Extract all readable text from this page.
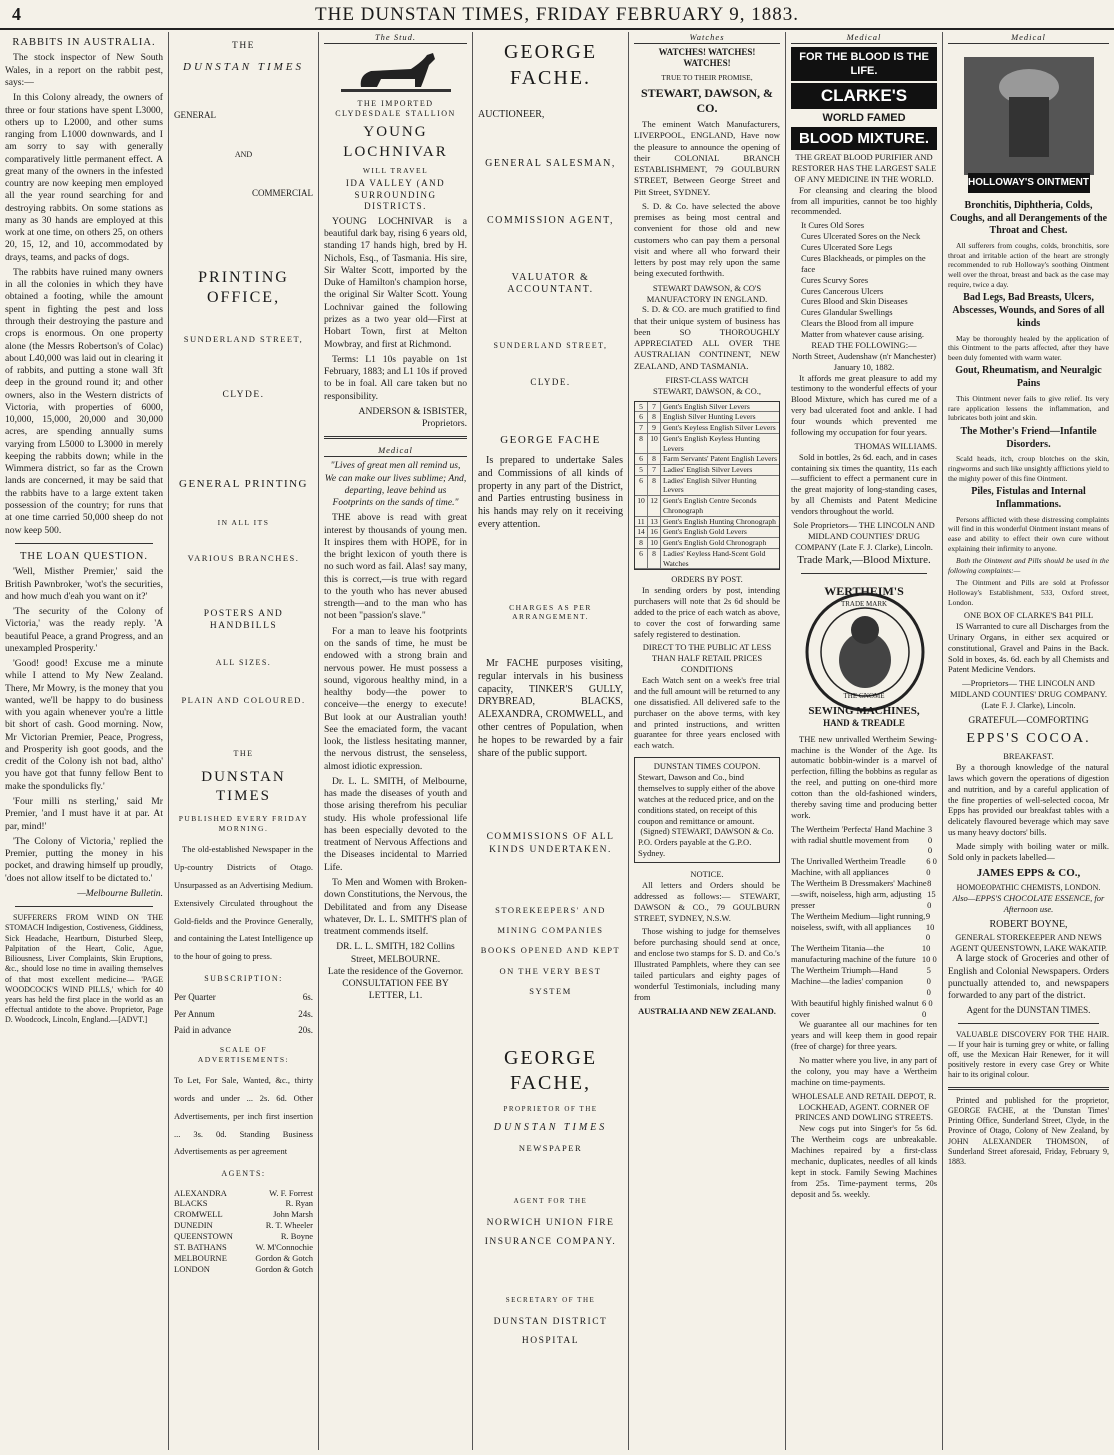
4	THE DUNSTAN TIMES, FRIDAY FEBRUARY 9, 1883.
RABBITS IN AUSTRALIA.

The stock inspector of New South Wales, in a report on the rabbit pest, says:—

In this Colony already, the owners of three or four stations have spent L3000, others up to L2000, and other sums ranging from L1000 downwards, and I am sorry to say with generally comparatively little permanent effect. A great many of the owners in the infested country are now keeping men employed all the year round searching for and destroying rabbits. On some stations as many as 30 hands are employed at this work at one time, on others 25, on others 20, 15, 12, and 10, accommodated by drays, teams, and packs of dogs.

The rabbits have ruined many owners in all the colonies in which they have obtained a footing, while the amount spent in fighting the pest and loss through their destroying the pasture and crops is enormous. On one property alone (the Messrs Robertson's of Colac) about L40,000 was laid out in clearing it of rabbits, and putting a stone wall 3ft deep in the ground round it; and other owners, also in the Western districts of Victoria, with properties of 6000, 10,000, 15,000, 20,000 and 30,000 acres, are spending annually sums varying from L5000 to L3000 in merely keeping the rabbits down; while in the Wimmera district, so far as the Crown lands are concerned, it may be said that the rabbits have to a large extent taken possession of the country; for runs that at one time carried 50,000 sheep do not now keep 500.

THE LOAN QUESTION.

'Well, Misther Premier,' said the British Pawnbroker, 'wot's the securities, and how much d'eah you want on it?'

'The security of the Colony of Victoria,' was the ready reply. 'A beautiful Peace, a grand Progress, and an unexampled Prosperity.'

'Good! good! Excuse me a minute while I attend to My New Zealand. There, Mr Mowry, is the money that you wanted, we'll be happy to do business with you again whenever you're a little bit short of cash. Good morning. Now, Mr Victorian Premier, Peace, Progress, and Prosperity ish goot goods, and the credit of the Colony ish not bad, altho' you have got that funny fellow Bent to make the spondulicks fly.'

'Four milli ns sterling,' said Mr Premier, 'and I must have it at par. At par, mind!'

'The Colony of Victoria,' replied the Premier, putting the money in his pocket, and drawing himself up proudly, 'does not allow itself to be dictated to.'

—Melbourne Bulletin.

SUFFERERS FROM WIND ON THE STOMACH Indigestion, Costiveness, Giddiness, Sick Headache, Heartburn, Disturbed Sleep, Palpitation of the Heart, Colic, Ague, Biliousness, Liver Complaints, Skin Eruptions, &c., should lose no time in availing themselves of that most excellent medicine— 'PAGE WOODCOCK'S WIND PILLS,' which for 40 years has held the first place in the world as an effectual antidote to the above. Proprietor, Page D. Woodcock, Lincoln, England.—[ADVT.]

THE
DUNSTAN TIMES
GENERAL
AND
COMMERCIAL
PRINTING OFFICE,
SUNDERLAND STREET,
CLYDE.
GENERAL PRINTING
IN ALL ITS
VARIOUS BRANCHES.
POSTERS AND HANDBILLS
ALL SIZES.
PLAIN AND COLOURED.
THE
DUNSTAN TIMES
PUBLISHED EVERY FRIDAY MORNING.

The old-established Newspaper in the Up-country Districts of Otago. Unsurpassed as an Advertising Medium. Extensively Circulated throughout the Gold-fields and the Province Generally, and containing the Latest Intelligence up to the hour of going to press.

SUBSCRIPTION:
Per Quarter	6s.
Per Annum	24s.
Paid in advance	20s.
SCALE OF ADVERTISEMENTS:

To Let, For Sale, Wanted, &c., thirty words and under ... 2s. 6d. Other Advertisements, per inch first insertion ... 3s. 0d. Standing Business Advertisements as per agreement

AGENTS:
ALEXANDRA	W. F. Forrest
BLACKS	R. Ryan
CROMWELL	John Marsh
DUNEDIN	R. T. Wheeler
QUEENSTOWN	R. Boyne
ST. BATHANS	W. M'Connochie
MELBOURNE	Gordon & Gotch
LONDON	Gordon & Gotch
The Stud.
THE IMPORTED CLYDESDALE STALLION
YOUNG LOCHNIVAR
WILL TRAVEL
IDA VALLEY (AND SURROUNDING DISTRICTS.

YOUNG LOCHNIVAR is a beautiful dark bay, rising 6 years old, standing 17 hands high, bred by H. Nichols, Esq., of Tasmania. His sire, Sir Walter Scott, imported by the Duke of Hamilton's champion horse, the original Sir Walter Scott. Young Lochnivar gained the following prizes as a two year old—First at Hobart Town, first at Melton Mowbray, and first at Richmond.

Terms: L1 10s payable on 1st February, 1883; and L1 10s if proved to be in foal. All care taken but no responsibility.

ANDERSON & ISBISTER, Proprietors.
Medical

"Lives of great men all remind us, We can make our lives sublime; And, departing, leave behind us Footprints on the sands of time."

THE above is read with great interest by thousands of young men. It inspires them with HOPE, for in the bright lexicon of youth there is no such word as fail. Alas! say many, this is correct,—is true with regard to the youth who has never abused strength—and to the man who has not been "passion's slave."

For a man to leave his footprints on the sands of time, he must be endowed with a strong brain and nervous power. He must possess a sound, vigorous healthy mind, in a healthy body—the power to conceive—the energy to execute! But look at our Australian youth! See the emaciated form, the vacant look, the listless hesitating manner, the nervous distrust, the senseless, almost idiotic expression.

Dr. L. L. SMITH, of Melbourne, has made the diseases of youth and those arising therefrom his peculiar study. His whole professional life has been especially devoted to the treatment of Nervous Affections and the Diseases incidental to Married Life.

To Men and Women with Broken-down Constitutions, the Nervous, the Debilitated and from any Disease whatever, Dr. L. L. SMITH'S plan of treatment commends itself.

DR. L. L. SMITH, 182 Collins Street, MELBOURNE.
Late the residence of the Governor.
CONSULTATION FEE BY LETTER, L1.
GEORGE FACHE.
AUCTIONEER,
GENERAL SALESMAN,
COMMISSION AGENT,
VALUATOR & ACCOUNTANT.
SUNDERLAND STREET,
CLYDE.
GEORGE FACHE

Is prepared to undertake Sales and Commissions of all kinds of property in any part of the District, and Parties entrusting business in his hands may rely on it receiving every attention.

CHARGES AS PER ARRANGEMENT.

Mr FACHE purposes visiting, regular intervals in his business capacity, TINKER'S GULLY, DRYBREAD, BLACKS, ALEXANDRA, CROMWELL, and other centres of Population, when he hopes to be rewarded by a fair share of the public support.

COMMISSIONS OF ALL KINDS UNDERTAKEN.
STOREKEEPERS' AND MINING COMPANIES BOOKS OPENED AND KEPT ON THE VERY BEST SYSTEM
GEORGE FACHE,
PROPRIETOR OF THE
DUNSTAN TIMES
NEWSPAPER
AGENT FOR THE
NORWICH UNION FIRE INSURANCE COMPANY.
SECRETARY OF THE
DUNSTAN DISTRICT HOSPITAL
Watches
WATCHES! WATCHES! WATCHES!
TRUE TO THEIR PROMISE,
STEWART, DAWSON, & CO.

The eminent Watch Manufacturers, LIVERPOOL, ENGLAND, Have now the pleasure to announce the opening of their COLONIAL BRANCH ESTABLISHMENT, 79 GOULBURN STREET, Between George Street and Pitt Street, SYDNEY.

S. D. & Co. have selected the above premises as being most central and convenient for those old and new customers who can pay them a personal visit and where all who forward their letters by post may rely upon the same being executed forthwith.

STEWART DAWSON, & CO'S MANUFACTORY IN ENGLAND.

S. D. & CO. are much gratified to find that their unique system of business has been SO THOROUGHLY APPRECIATED ALL OVER THE AUSTRALIAN CONTINENT, NEW ZEALAND, AND TASMANIA.

FIRST-CLASS WATCH
STEWART, DAWSON, & CO.,
5	7 Gent's English Silver Levers
6	8 English Silver Hunting Levers
7	9 Gent's Keyless English Silver Levers
8 10 Gent's English Keyless Hunting Levers
6	8 Farm Servants' Patent English Levers
5	7 Ladies' English Silver Levers
6	8 Ladies' English Silver Hunting Levers
10 12 Gent's English Centre Seconds Chronograph
11 13 Gent's English Hunting Chronograph
14 16 Gent's English Gold Levers
8 10 Gent's English Gold Chronograph
6	8 Ladies' Keyless Hand-Scent Gold Watches
ORDERS BY POST.

In sending orders by post, intending purchasers will note that 2s 6d should be added to the price of each watch as above, to cover the cost of forwarding same safely registered to destination.

DIRECT TO THE PUBLIC AT LESS THAN HALF RETAIL PRICES
CONDITIONS

Each Watch sent on a week's free trial and the full amount will be returned to any one dissatisfied. All delivered safe to the purchaser on the above terms, with key and printed instructions, and written guarantee for three years enclosed with each watch.

DUNSTAN TIMES COUPON.
Stewart, Dawson and Co., bind themselves to supply either of the above watches at the reduced price, and on the conditions stated, on receipt of this coupon and remittance or amount.
(Signed) STEWART, DAWSON & Co.
P.O. Orders payable at the G.P.O. Sydney.
NOTICE.

All letters and Orders should be addressed as follows:— STEWART, DAWSON & CO., 79 GOULBURN STREET, SYDNEY, N.S.W.

Those wishing to judge for themselves before purchasing should send at once, and enclose two stamps for S. D. and Co.'s Illustrated Pamphlets, where they can see tailed particulars and eighty pages of wonderful Testimonials, including many from

AUSTRALIA AND NEW ZEALAND.
Medical
FOR THE BLOOD IS THE LIFE.
CLARKE'S
WORLD FAMED
BLOOD MIXTURE.
THE GREAT BLOOD PURIFIER AND RESTORER HAS THE LARGEST SALE OF ANY MEDICINE IN THE WORLD.

For cleansing and clearing the blood from all impurities, cannot be too highly recommended.

It Cures Old Sores
Cures Ulcerated Sores on the Neck
Cures Ulcerated Sore Legs
Cures Blackheads, or pimples on the face
Cures Scurvy Sores
Cures Cancerous Ulcers
Cures Blood and Skin Diseases
Cures Glandular Swellings
Clears the Blood from all impure Matter from whatever cause arising.
READ THE FOLLOWING:—
North Street, Audenshaw (n'r Manchester) January 10, 1882.

It affords me great pleasure to add my testimony to the wonderful effects of your Blood Mixture, which has cured me of a very bad ulcerated foot and ankle. I had four wounds which prevented me following my occupation for four years.

THOMAS WILLIAMS.

Sold in bottles, 2s 6d. each, and in cases containing six times the quantity, 11s each—sufficient to effect a permanent cure in the great majority of long-standing cases, by all Chemists and Patent Medicine vendors throughout the world.

Sole Proprietors— THE LINCOLN AND MIDLAND COUNTIES' DRUG COMPANY (Late F. J. Clarke), Lincoln.
Trade Mark,—Blood Mixture.
WERTHEIM'S
TRADE MARK
THE GNOME
SEWING MACHINES,
HAND & TREADLE

THE new unrivalled Wertheim Sewing-machine is the Wonder of the Age. Its automatic bobbin-winder is a marvel of perfection, filling the bobbins as regular as the reel, and putting on one-third more cotton than the old-fashioned winders, thereby saving time and producing better work.

The Wertheim 'Perfecta' Hand Machine with radial shuttle movement from
3 0 0
The Unrivalled Wertheim Treadle Machine, with all appliances
6 0 0
The Wertheim B Dressmakers' Machine—swift, noiseless, high arm, adjusting presser
8 15 0
The Wertheim Medium—light running, noiseless, swift, with all appliances
9 10 0
The Wertheim Titania—the manufacturing machine of the future
10 10 0
The Wertheim Triumph—Hand Machine—the ladies' companion
5 0 0
With beautiful highly finished walnut cover
6 0 0

We guarantee all our machines for ten years and will keep them in good repair (free of charge) for three years.

No matter where you live, in any part of the colony, you may have a Wertheim machine on time-payments.

WHOLESALE AND RETAIL DEPOT, R. LOCKHEAD, AGENT. CORNER OF PRINCES AND DOWLING STREETS.

New cogs put into Singer's for 5s 6d. The Wertheim cogs are unbreakable. Machines repaired by a first-class mechanic, duplicates, needles of all kinds kept in stock. Family Sewing Machines from 25s. Time-payment terms, 20s deposit and 5s. weekly.

Medical
HOLLOWAY'S OINTMENT
Bronchitis, Diphtheria, Colds, Coughs, and all Derangements of the Throat and Chest.

All sufferers from coughs, colds, bronchitis, sore throat and irritable action of the heart are strongly recommended to rub Holloway's soothing Ointment well over the throat, breast and back as the case may require, twice a day.

Bad Legs, Bad Breasts, Ulcers, Abscesses, Wounds, and Sores of all kinds

May be thoroughly healed by the application of this Ointment to the parts affected, after they have been duly fomented with warm water.

Gout, Rheumatism, and Neuralgic Pains

This Ointment never fails to give relief. Its very rare application lessens the inflammation, and lubricates both joint and skin.

The Mother's Friend—Infantile Disorders.

Scald heads, itch, croup blotches on the skin, ringworms and such like unsightly afflictions yield to the mighty power of this fine Ointment.

Piles, Fistulas and Internal Inflammations.

Persons afflicted with these distressing complaints will find in this wonderful Ointment instant means of ease and ability to effect their own cure without explaining their infirmity to anyone.

Both the Ointment and Pills should be used in the following complaints:—

The Ointment and Pills are sold at Professor Holloway's Establishment, 533, Oxford street, London.

ONE BOX OF CLARKE'S B41 PILL

IS Warranted to cure all Discharges from the Urinary Organs, in either sex acquired or constitutional, Gravel and Pains in the Back. Sold in boxes, 4s. 6d. each by all Chemists and Patent Medicine Vendors.

—Proprietors— THE LINCOLN AND MIDLAND COUNTIES' DRUG COMPANY. (Late F. J. Clarke), Lincoln.
GRATEFUL—COMFORTING
EPPS'S COCOA.
BREAKFAST.

By a thorough knowledge of the natural laws which govern the operations of digestion and nutrition, and by a careful application of the fine properties of well-selected cocoa, Mr Epps has provided our breakfast tables with a delicately flavoured beverage which may save us many heavy doctors' bills.

Made simply with boiling water or milk. Sold only in packets labelled—

JAMES EPPS & CO.,
HOMOEOPATHIC CHEMISTS, LONDON.
Also—EPPS'S CHOCOLATE ESSENCE, for Afternoon use.
ROBERT BOYNE,
GENERAL STOREKEEPER AND NEWS AGENT QUEENSTOWN, LAKE WAKATIP.

A large stock of Groceries and other of English and Colonial Newspapers. Orders punctually attended to, and newspapers forwarded to any part of the district.

Agent for the DUNSTAN TIMES.

VALUABLE DISCOVERY FOR THE HAIR.— If your hair is turning grey or white, or falling off, use the Mexican Hair Renewer, for it will positively restore in every case Grey or White hair to its original colour.

Printed and published for the proprietor, GEORGE FACHE, at the 'Dunstan Times' Printing Office, Sunderland Street, Clyde, in the Province of Otago, Colony of New Zealand, by JOHN ALEXANDER THOMSON, of Sunderland Street aforesaid, Friday, February 9, 1883.
